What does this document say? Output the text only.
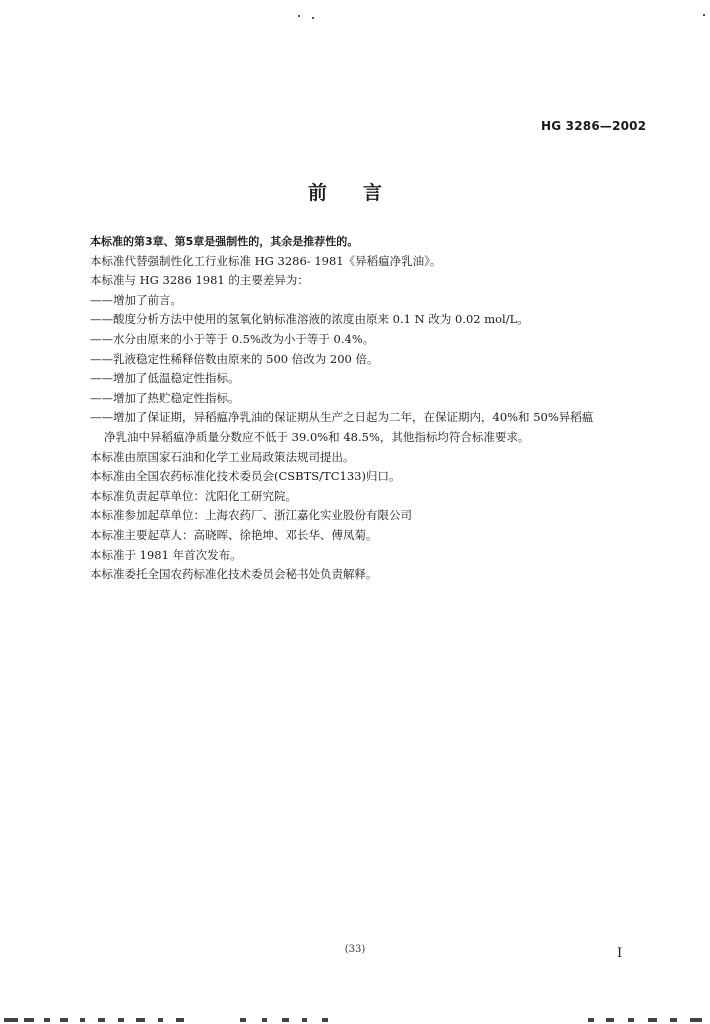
HG 3286—2002
前言
本标准的第3章、第5章是强制性的，其余是推荐性的。
本标准代替强制性化工行业标准 HG 3286- 1981《异稻瘟净乳油》。
本标准与 HG 3286 1981 的主要差异为：
——增加了前言。
——酸度分析方法中使用的氢氧化钠标准溶液的浓度由原来 0.1 N 改为 0.02 mol/L。
——水分由原来的小于等于 0.5%改为小于等于 0.4%。
——乳液稳定性稀释倍数由原来的 500 倍改为 200 倍。
——增加了低温稳定性指标。
——增加了热贮稳定性指标。
——增加了保证期，异稻瘟净乳油的保证期从生产之日起为二年，在保证期内，40%和 50%异稻瘟
净乳油中异稻瘟净质量分数应不低于 39.0%和 48.5%，其他指标均符合标准要求。
本标准由原国家石油和化学工业局政策法规司提出。
本标准由全国农药标准化技术委员会(CSBTS/TC133)归口。
本标准负责起草单位：沈阳化工研究院。
本标准参加起草单位：上海农药厂、浙江嘉化实业股份有限公司
本标准主要起草人：高晓晖、徐艳坤、邓长华、傅凤菊。
本标准于 1981 年首次发布。
本标准委托全国农药标准化技术委员会秘书处负责解释。
(33)	I
